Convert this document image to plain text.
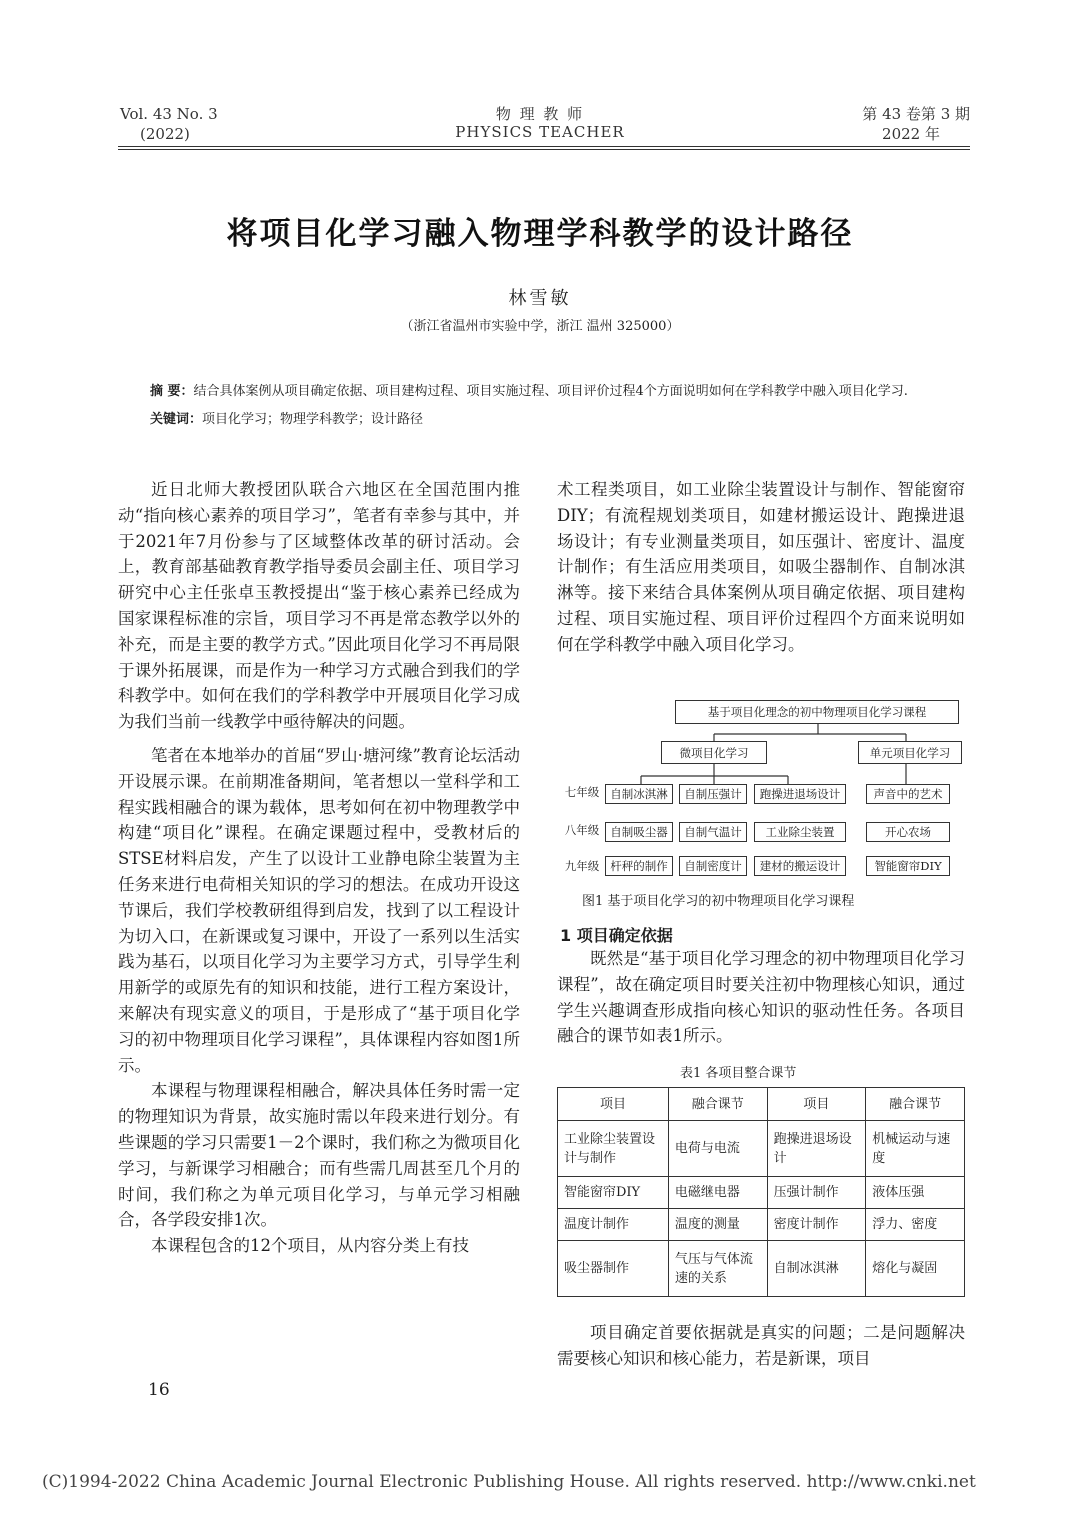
Vol. 43 No. 3
(2022)
物 理 教 师
PHYSICS TEACHER
第 43 卷第 3 期
2022 年
将项目化学习融入物理学科教学的设计路径
林雪敏
（浙江省温州市实验中学，浙江 温州 325000）
摘 要：结合具体案例从项目确定依据、项目建构过程、项目实施过程、项目评价过程4个方面说明如何在学科教学中融入项目化学习.
关键词：项目化学习；物理学科教学；设计路径

近日北师大教授团队联合六地区在全国范围内推动“指向核心素养的项目学习”，笔者有幸参与其中，并于2021年7月份参与了区域整体改革的研讨活动。会上，教育部基础教育教学指导委员会副主任、项目学习研究中心主任张卓玉教授提出“鉴于核心素养已经成为国家课程标准的宗旨，项目学习不再是常态教学以外的补充，而是主要的教学方式。”因此项目化学习不再局限于课外拓展课，而是作为一种学习方式融合到我们的学科教学中。如何在我们的学科教学中开展项目化学习成为我们当前一线教学中亟待解决的问题。

笔者在本地举办的首届“罗山·塘河缘”教育论坛活动开设展示课。在前期准备期间，笔者想以一堂科学和工程实践相融合的课为载体，思考如何在初中物理教学中构建“项目化”课程。在确定课题过程中，受教材后的STSE材料启发，产生了以设计工业静电除尘装置为主任务来进行电荷相关知识的学习的想法。在成功开设这节课后，我们学校教研组得到启发，找到了以工程设计为切入口，在新课或复习课中，开设了一系列以生活实践为基石，以项目化学习为主要学习方式，引导学生利用新学的或原先有的知识和技能，进行工程方案设计，来解决有现实意义的项目，于是形成了“基于项目化学习的初中物理项目化学习课程”，具体课程内容如图1所示。

本课程与物理课程相融合，解决具体任务时需一定的物理知识为背景，故实施时需以年段来进行划分。有些课题的学习只需要1－2个课时，我们称之为微项目化学习，与新课学习相融合；而有些需几周甚至几个月的时间，我们称之为单元项目化学习，与单元学习相融合，各学段安排1次。

本课程包含的12个项目，从内容分类上有技

术工程类项目，如工业除尘装置设计与制作、智能窗帘DIY；有流程规划类项目，如建材搬运设计、跑操进退场设计；有专业测量类项目，如压强计、密度计、温度计制作；有生活应用类项目，如吸尘器制作、自制冰淇淋等。接下来结合具体案例从项目确定依据、项目建构过程、项目实施过程、项目评价过程四个方面来说明如何在学科教学中融入项目化学习。

基于项目化理念的初中物理项目化学习课程
微项目化学习	单元项目化学习
七年级
八年级
九年级
自制冰淇淋	自制压强计	跑操进退场设计
自制吸尘器	自制气温计	工业除尘装置
杆秤的制作	自制密度计	建材的搬运设计
声音中的艺术
开心农场
智能窗帘DIY
图1 基于项目化学习的初中物理项目化学习课程
1 项目确定依据

既然是“基于项目化学习理念的初中物理项目化学习课程”，故在确定项目时要关注初中物理核心知识，通过学生兴趣调查形成指向核心知识的驱动性任务。各项目融合的课节如表1所示。

表1 各项目整合课节
项目	融合课节	项目	融合课节
工业除尘装置设计与制作	电荷与电流	跑操进退场设计	机械运动与速度
智能窗帘DIY	电磁继电器	压强计制作	液体压强
温度计制作	温度的测量	密度计制作	浮力、密度
吸尘器制作	气压与气体流速的关系	自制冰淇淋	熔化与凝固

项目确定首要依据就是真实的问题；二是问题解决需要核心知识和核心能力，若是新课，项目

16
(C)1994-2022 China Academic Journal Electronic Publishing House. All rights reserved. http://www.cnki.net
